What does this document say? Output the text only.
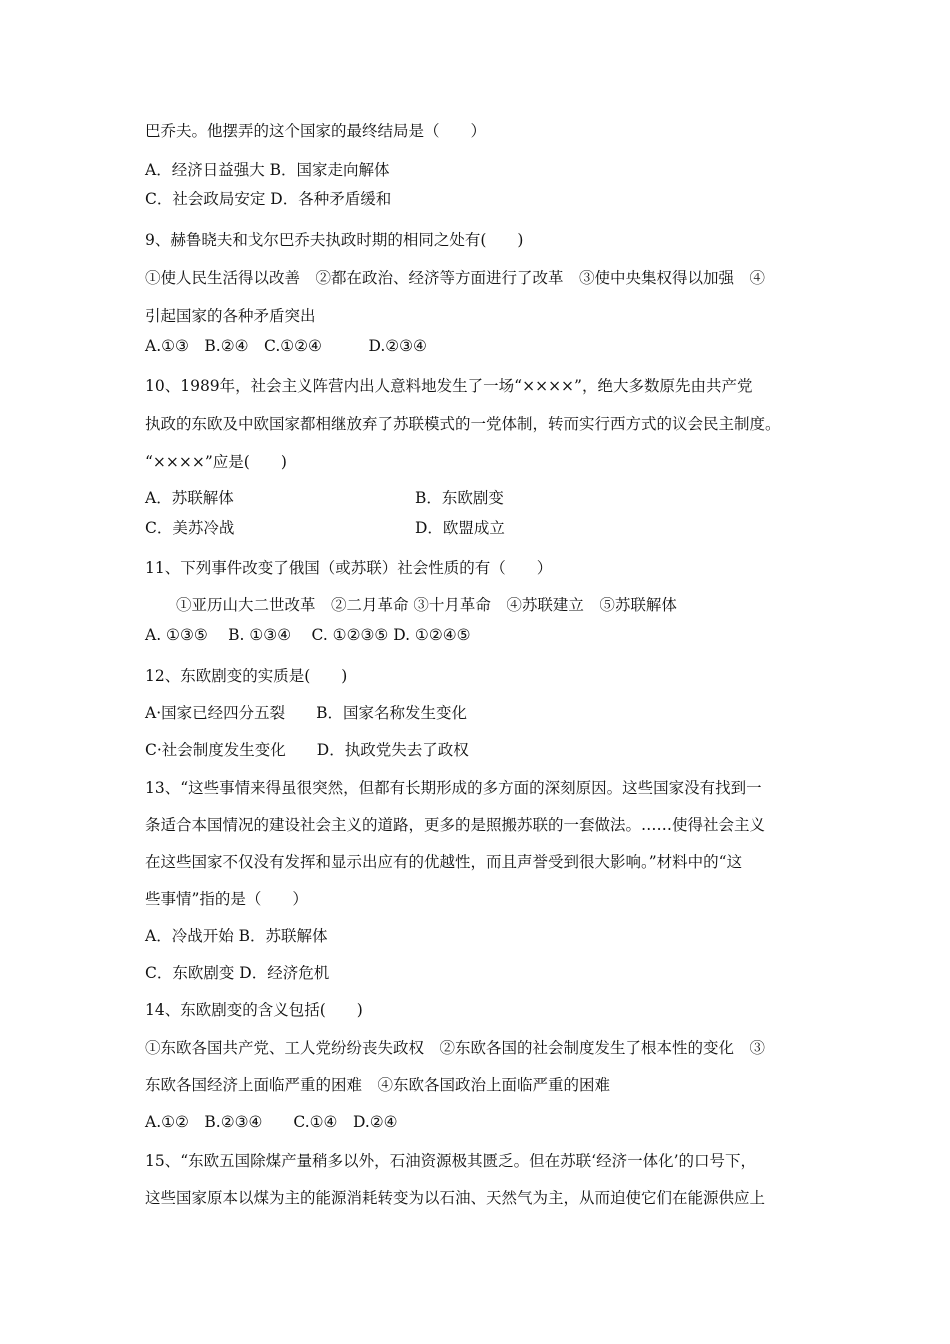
巴乔夫。他摆弄的这个国家的最终结局是（　　）
A．经济日益强大 B．国家走向解体
C．社会政局安定 D．各种矛盾缓和
9、赫鲁晓夫和戈尔巴乔夫执政时期的相同之处有(　　)
①使人民生活得以改善　②都在政治、经济等方面进行了改革　③使中央集权得以加强　④
引起国家的各种矛盾突出
A.①③　B.②④　C.①②④　　　D.②③④
10、1989年，社会主义阵营内出人意料地发生了一场“××××”，绝大多数原先由共产党
执政的东欧及中欧国家都相继放弃了苏联模式的一党体制，转而实行西方式的议会民主制度。
“××××”应是(　　)
A．苏联解体	B．东欧剧变
C．美苏冷战	D．欧盟成立
11、下列事件改变了俄国（或苏联）社会性质的有（　　）
　　①亚历山大二世改革　②二月革命 ③十月革命　④苏联建立　⑤苏联解体
A. ①③⑤　 B. ①③④　 C. ①②③⑤ D. ①②④⑤
12、东欧剧变的实质是(　　)
A·国家已经四分五裂　　B．国家名称发生变化
C·社会制度发生变化　　D．执政党失去了政权
13、“这些事情来得虽很突然，但都有长期形成的多方面的深刻原因。这些国家没有找到一
条适合本国情况的建设社会主义的道路，更多的是照搬苏联的一套做法。……使得社会主义
在这些国家不仅没有发挥和显示出应有的优越性，而且声誉受到很大影响。”材料中的“这
些事情”指的是（　　）
A．冷战开始 B．苏联解体
C．东欧剧变 D．经济危机
14、东欧剧变的含义包括(　　)
①东欧各国共产党、工人党纷纷丧失政权　②东欧各国的社会制度发生了根本性的变化　③
东欧各国经济上面临严重的困难　④东欧各国政治上面临严重的困难
A.①②　B.②③④　　C.①④　D.②④
15、“东欧五国除煤产量稍多以外，石油资源极其匮乏。但在苏联‘经济一体化’的口号下，
这些国家原本以煤为主的能源消耗转变为以石油、天然气为主，从而迫使它们在能源供应上
